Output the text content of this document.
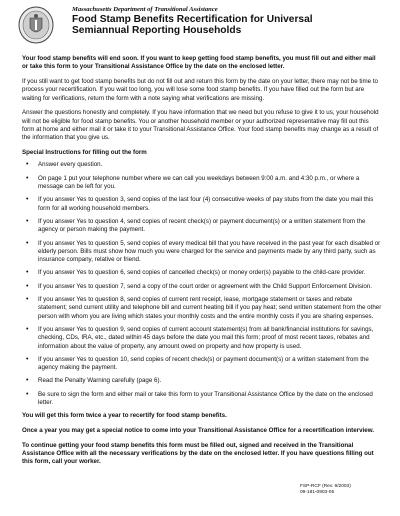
Massachusetts Department of Transitional Assistance
Food Stamp Benefits Recertification for Universal
Semiannual Reporting Households

Your food stamp benefits will end soon. If you want to keep getting food stamp benefits, you must fill out and either mail or take this form to your Transitional Assistance Office by the date on the enclosed letter.

If you still want to get food stamp benefits but do not fill out and return this form by the date on your letter, there may not be time to process your recertification. If you wait too long, you will lose some food stamp benefits. If you have filled out the form but are waiting for verifications, return the form with a note saying what verifications are missing.

Answer the questions honestly and completely. If you have information that we need but you refuse to give it to us, your household will not be eligible for food stamp benefits. You or another household member or your authorized representative may fill out this form at home and either mail it or take it to your Transitional Assistance Office. Your food stamp benefits may change as a result of the information that you give us.

Special Instructions for filling out the form
• Answer every question.
• On page 1 put your telephone number where we can call you weekdays between 9:00 a.m. and 4:30 p.m., or where a message can be left for you.
• If you answer Yes to question 3, send copies of the last four (4) consecutive weeks of pay stubs from the date you mail this form for all working household members.
• If you answer Yes to question 4, send copies of recent check(s) or payment document(s) or a written statement from the agency or person making the payment.
• If you answer Yes to question 5, send copies of every medical bill that you have received in the past year for each disabled or elderly person. Bills must show how much you were charged for the service and payments made by any third party, such as insurance company, relative or friend.
• If you answer Yes to question 6, send copies of cancelled check(s) or money order(s) payable to the child-care provider.
• If you answer Yes to question 7, send a copy of the court order or agreement with the Child Support Enforcement Division.
• If you answer Yes to question 8, send copies of current rent receipt, lease, mortgage statement or taxes and rebate statement; send current utility and telephone bill and current heating bill if you pay heat; send written statement from the other person with whom you are living which states your monthly costs and the entire monthly costs if you are sharing expenses.
• If you answer Yes to question 9, send copies of current account statement(s) from all bank/financial institutions for savings, checking, CDs, IRA, etc., dated within 45 days before the date you mail this form; proof of most recent taxes, rebates and information about the value of property, any amount owed on property and how property is used.
• If you answer Yes to question 10, send copies of recent check(s) or payment document(s) or a written statement from the agency making the payment.
• Read the Penalty Warning carefully (page 6).
• Be sure to sign the form and either mail or take this form to your Transitional Assistance Office by the date on the enclosed letter.

You will get this form twice a year to recertify for food stamp benefits.

Once a year you may get a special notice to come into your Transitional Assistance Office for a recertification interview.

To continue getting your food stamp benefits this form must be filled out, signed and received in the Transitional Assistance Office with all the necessary verifications by the date on the enclosed letter. If you have questions filling out this form, call your worker.

FSP-RCF (Rev. 9/2003)
09-181-0903-05
